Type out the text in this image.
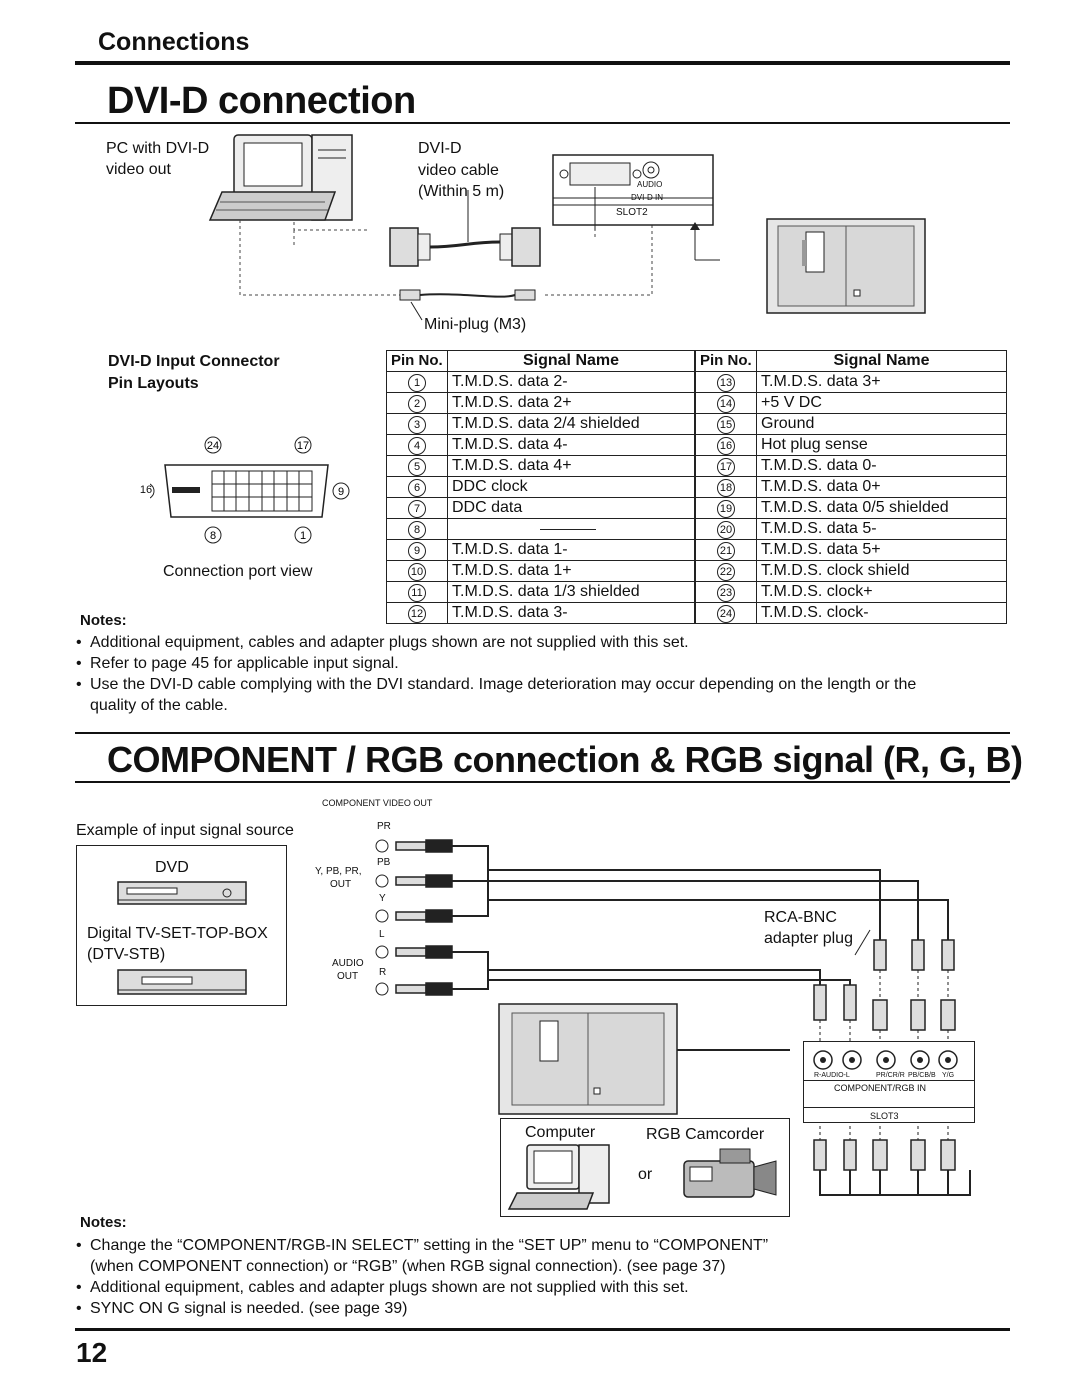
Connections
DVI-D connection
PC with DVI-D
video out
DVI-D
video cable
(Within 5 m)	AUDIO
DVI-D IN
SLOT2
Mini-plug (M3)
DVI-D Input Connector
Pin Layouts
24	17
9
8	1
16
Connection port view
Pin No.	Signal Name	Pin No.	Signal Name
1	T.M.D.S. data 2-	13	T.M.D.S. data 3+
2	T.M.D.S. data 2+	14	+5 V DC
3	T.M.D.S. data 2/4 shielded	15	Ground
4	T.M.D.S. data 4-	16	Hot plug sense
5	T.M.D.S. data 4+	17	T.M.D.S. data 0-
6	DDC clock	18	T.M.D.S. data 0+
7	DDC data	19	T.M.D.S. data 0/5 shielded
8		20	T.M.D.S. data 5-
9	T.M.D.S. data 1-	21	T.M.D.S. data 5+
10	T.M.D.S. data 1+	22	T.M.D.S. clock shield
11	T.M.D.S. data 1/3 shielded	23	T.M.D.S. clock+
12	T.M.D.S. data 3-	24	T.M.D.S. clock-
Notes:
• Additional equipment, cables and adapter plugs shown are not supplied with this set.
• Refer to page 45 for applicable input signal.
• Use the DVI-D cable complying with the DVI standard. Image deterioration may occur depending on the length or the
quality of the cable.
COMPONENT / RGB connection & RGB signal (R, G, B)
COMPONENT VIDEO OUT
Example of input signal source
DVD
Digital TV-SET-TOP-BOX
(DTV-STB)
Y, PB, PR,
OUT
AUDIO
OUT
PR
PB
Y
L
R
RCA-BNC
adapter plug
R-AUDIO-L	PR/CR/R PB/CB/B Y/G
COMPONENT/RGB IN
SLOT3
Computer	RGB Camcorder
or
Notes:
• Change the “COMPONENT/RGB-IN SELECT” setting in the “SET UP” menu to “COMPONENT”
(when COMPONENT connection) or “RGB” (when RGB signal connection). (see page 37)
• Additional equipment, cables and adapter plugs shown are not supplied with this set.
• SYNC ON G signal is needed. (see page 39)
12
